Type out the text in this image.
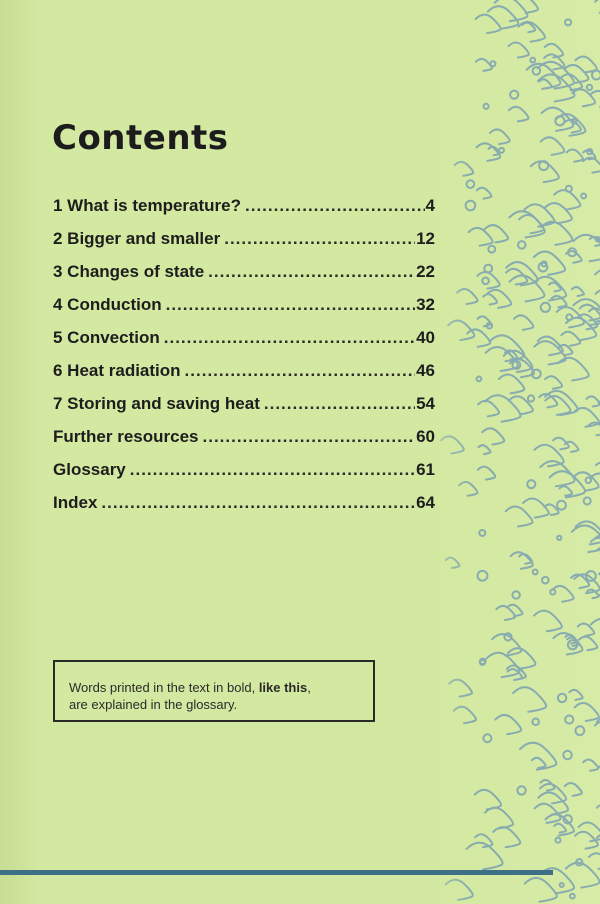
Contents
1 What is temperature? .....	4
2 Bigger and smaller .....	12
3 Changes of state .....	22
4 Conduction .....	32
5 Convection .....	40
6 Heat radiation .....	46
7 Storing and saving heat .....	54
Further resources .....	60
Glossary .....	61
Index .....	64

Words printed in the text in bold, like this,
are explained in the glossary.
